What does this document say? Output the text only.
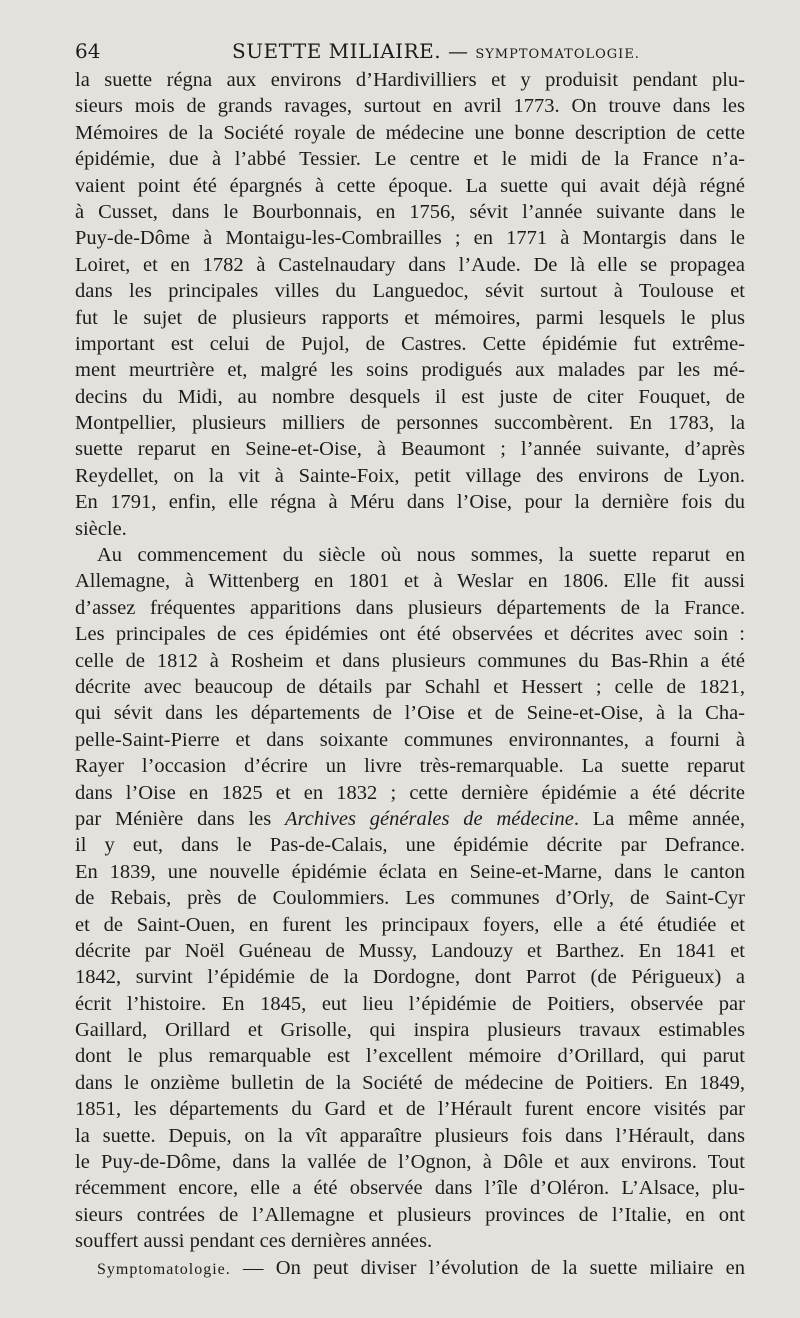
64	SUETTE MILIAIRE. — SYMPTOMATOLOGIE.
la suette régna aux environs d’Hardivilliers et y produisit pendant plu-
sieurs mois de grands ravages, surtout en avril 1773. On trouve dans les
Mémoires de la Société royale de médecine une bonne description de cette
épidémie, due à l’abbé Tessier. Le centre et le midi de la France n’a-
vaient point été épargnés à cette époque. La suette qui avait déjà régné
à Cusset, dans le Bourbonnais, en 1756, sévit l’année suivante dans le
Puy-de-Dôme à Montaigu-les-Combrailles ; en 1771 à Montargis dans le
Loiret, et en 1782 à Castelnaudary dans l’Aude. De là elle se propagea
dans les principales villes du Languedoc, sévit surtout à Toulouse et
fut le sujet de plusieurs rapports et mémoires, parmi lesquels le plus
important est celui de Pujol, de Castres. Cette épidémie fut extrême-
ment meurtrière et, malgré les soins prodigués aux malades par les mé-
decins du Midi, au nombre desquels il est juste de citer Fouquet, de
Montpellier, plusieurs milliers de personnes succombèrent. En 1783, la
suette reparut en Seine-et-Oise, à Beaumont ; l’année suivante, d’après
Reydellet, on la vit à Sainte-Foix, petit village des environs de Lyon.
En 1791, enfin, elle régna à Méru dans l’Oise, pour la dernière fois du
siècle.
Au commencement du siècle où nous sommes, la suette reparut en
Allemagne, à Wittenberg en 1801 et à Weslar en 1806. Elle fit aussi
d’assez fréquentes apparitions dans plusieurs départements de la France.
Les principales de ces épidémies ont été observées et décrites avec soin :
celle de 1812 à Rosheim et dans plusieurs communes du Bas-Rhin a été
décrite avec beaucoup de détails par Schahl et Hessert ; celle de 1821,
qui sévit dans les départements de l’Oise et de Seine-et-Oise, à la Cha-
pelle-Saint-Pierre et dans soixante communes environnantes, a fourni à
Rayer l’occasion d’écrire un livre très-remarquable. La suette reparut
dans l’Oise en 1825 et en 1832 ; cette dernière épidémie a été décrite
par Ménière dans les Archives générales de médecine. La même année,
il y eut, dans le Pas-de-Calais, une épidémie décrite par Defrance.
En 1839, une nouvelle épidémie éclata en Seine-et-Marne, dans le canton
de Rebais, près de Coulommiers. Les communes d’Orly, de Saint-Cyr
et de Saint-Ouen, en furent les principaux foyers, elle a été étudiée et
décrite par Noël Guéneau de Mussy, Landouzy et Barthez. En 1841 et
1842, survint l’épidémie de la Dordogne, dont Parrot (de Périgueux) a
écrit l’histoire. En 1845, eut lieu l’épidémie de Poitiers, observée par
Gaillard, Orillard et Grisolle, qui inspira plusieurs travaux estimables
dont le plus remarquable est l’excellent mémoire d’Orillard, qui parut
dans le onzième bulletin de la Société de médecine de Poitiers. En 1849,
1851, les départements du Gard et de l’Hérault furent encore visités par
la suette. Depuis, on la vît apparaître plusieurs fois dans l’Hérault, dans
le Puy-de-Dôme, dans la vallée de l’Ognon, à Dôle et aux environs. Tout
récemment encore, elle a été observée dans l’île d’Oléron. L’Alsace, plu-
sieurs contrées de l’Allemagne et plusieurs provinces de l’Italie, en ont
souffert aussi pendant ces dernières années.
Symptomatologie. — On peut diviser l’évolution de la suette miliaire en
